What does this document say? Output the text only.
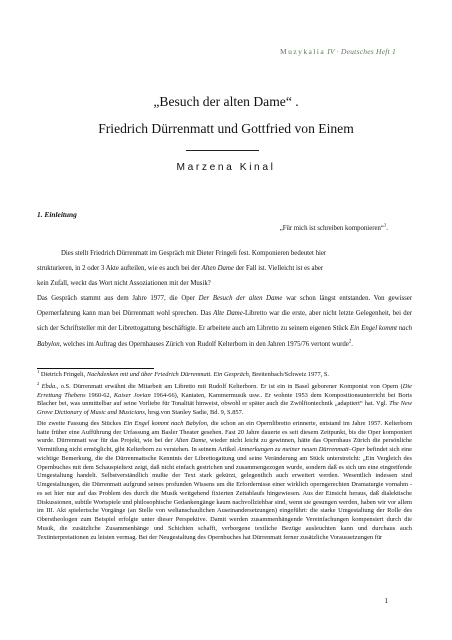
Muzykalia IV · Deutsches Heft 1
„Besuch der alten Dame“ .
Friedrich Dürrenmatt und Gottfried von Einem
Marzena Kinal
1. Einleitung
„Für mich ist schreiben komponieren“$^1$.

Dies stellt Friedrich Dürrenmatt im Gespräch mit Dieter Fringeli fest. Komponieren bedeutet hier

strukturieren, in 2 oder 3 Akte aufteilen, wie es auch bei der Alten Dame der Fall ist. Vielleicht ist es aber

kein Zufall, weckt das Wort nicht Assoziationen mit der Musik?

Das Gespräch stammt aus dem Jahre 1977, die Oper Der Besuch der alten Dame war schon längst entstanden. Von gewisser Opernerfahrung kann man bei Dürrenmatt wohl sprechen. Das Alte Dame-Libretto war die erste, aber nicht letzte Gelegenheit, bei der sich der Schriftsteller mit der Librettogattung beschäftigte. Er arbeitete auch am Libretto zu seinem eigenen Stück Ein Engel kommt nach Babylon, welches im Auftrag des Opernhauses Zürich von Rudolf Kelterborn in den Jahren 1975/76 vertont wurde$^2$.

$^1$ Dietrich Fringeli, Nachdenken mit und über Friedrich Dürrenmatt. Ein Gespräch, Breitenbach/Schweiz 1977, S.

$^2$ Ebda., o.S. Dürrenmatt erwähnt die Mitarbeit am Libretto mit Rudolf Kelterborn. Er ist ein in Basel geborener Komponist von Opern (Die Errettung Thebens 1960-62, Kaiser Jovian 1964-66), Kantaten, Kammermusik usw.. Er wohnte 1953 dem Kompositionsunterricht bei Boris Blacher bei, was unmittelbar auf seine Vorliebe für Tonalität hinweist, obwohl er später auch die Zwölftontechnik „adaptiert“ hat. Vgl. The New Grove Dictionary of Music and Musicians, hrsg.von Stanley Sadie, Bd. 9, S.857.

Die zweite Fassung des Stückes Ein Engel kommt nach Babylon, die schon an ein Opernlibretto erinnerte, entstand im Jahre 1957. Kelterborn hatte früher eine Aufführung der Urfassung am Basler Theater gesehen. Fast 20 Jahre dauerte es seit diesem Zeitpunkt, bis die Oper komponiert wurde. Dürrenmatt war für das Projekt, wie bei der Alten Dame, wieder nicht leicht zu gewinnen, hätte das Opernhaus Zürich die persönliche Vermittlung nicht ermöglicht, gibt Kelterborn zu verstehen. In seinem Artikel Anmerkungen zu meiner neuen Dürrenmatt–Oper befindet sich eine wichtige Bemerkung, die die Dürrenmattsche Kenntnis der Librettogattung und seine Veränderung am Stück unterstreicht: „Ein Vergleich des Opernbuches mit dem Schauspieltext zeigt, daß nicht einfach gestrichen und zusammengezogen wurde, sondern daß es sich um eine eingreifende Umgestaltung handelt. Selbstverständlich mußte der Text stark gekürzt, gelegentlich auch erweitert werden. Wesentlich indessen sind Umgestaltungen, die Dürrenmatt aufgrund seines profunden Wissens um die Erfordernisse einer wirklich operngerechten Dramaturgie vornahm - es sei hier nur auf das Problem des durch die Musik weitgehend fixierten Zeitablaufs hingewiesen. Aus der Einsicht heraus, daß dialektische Diskussionen, subtile Wortspiele und philosophische Gedankengänge kaum nachvollziehbar sind, wenn sie gesungen werden, haben wir vor allem im III. Akt spielerische Vorgänge (an Stelle von weltanschaulichen Auseinandersetzungen) eingeführt: die starke Umgestaltung der Rolle des Oberstheologen zum Beispiel erfolgte unter dieser Perspektive. Damit werden zusammenhängende Vereinfachungen kompensiert durch die Musik, die zusätzliche Zusammenhänge und Schichten schafft, verborgene textliche Bezüge ausleuchten kann und durchaus auch Textinterpretationen zu leisten vermag. Bei der Neugestaltung des Opernbuches hat Dürrenmatt ferner zusätzliche Voraussetzungen für

1
